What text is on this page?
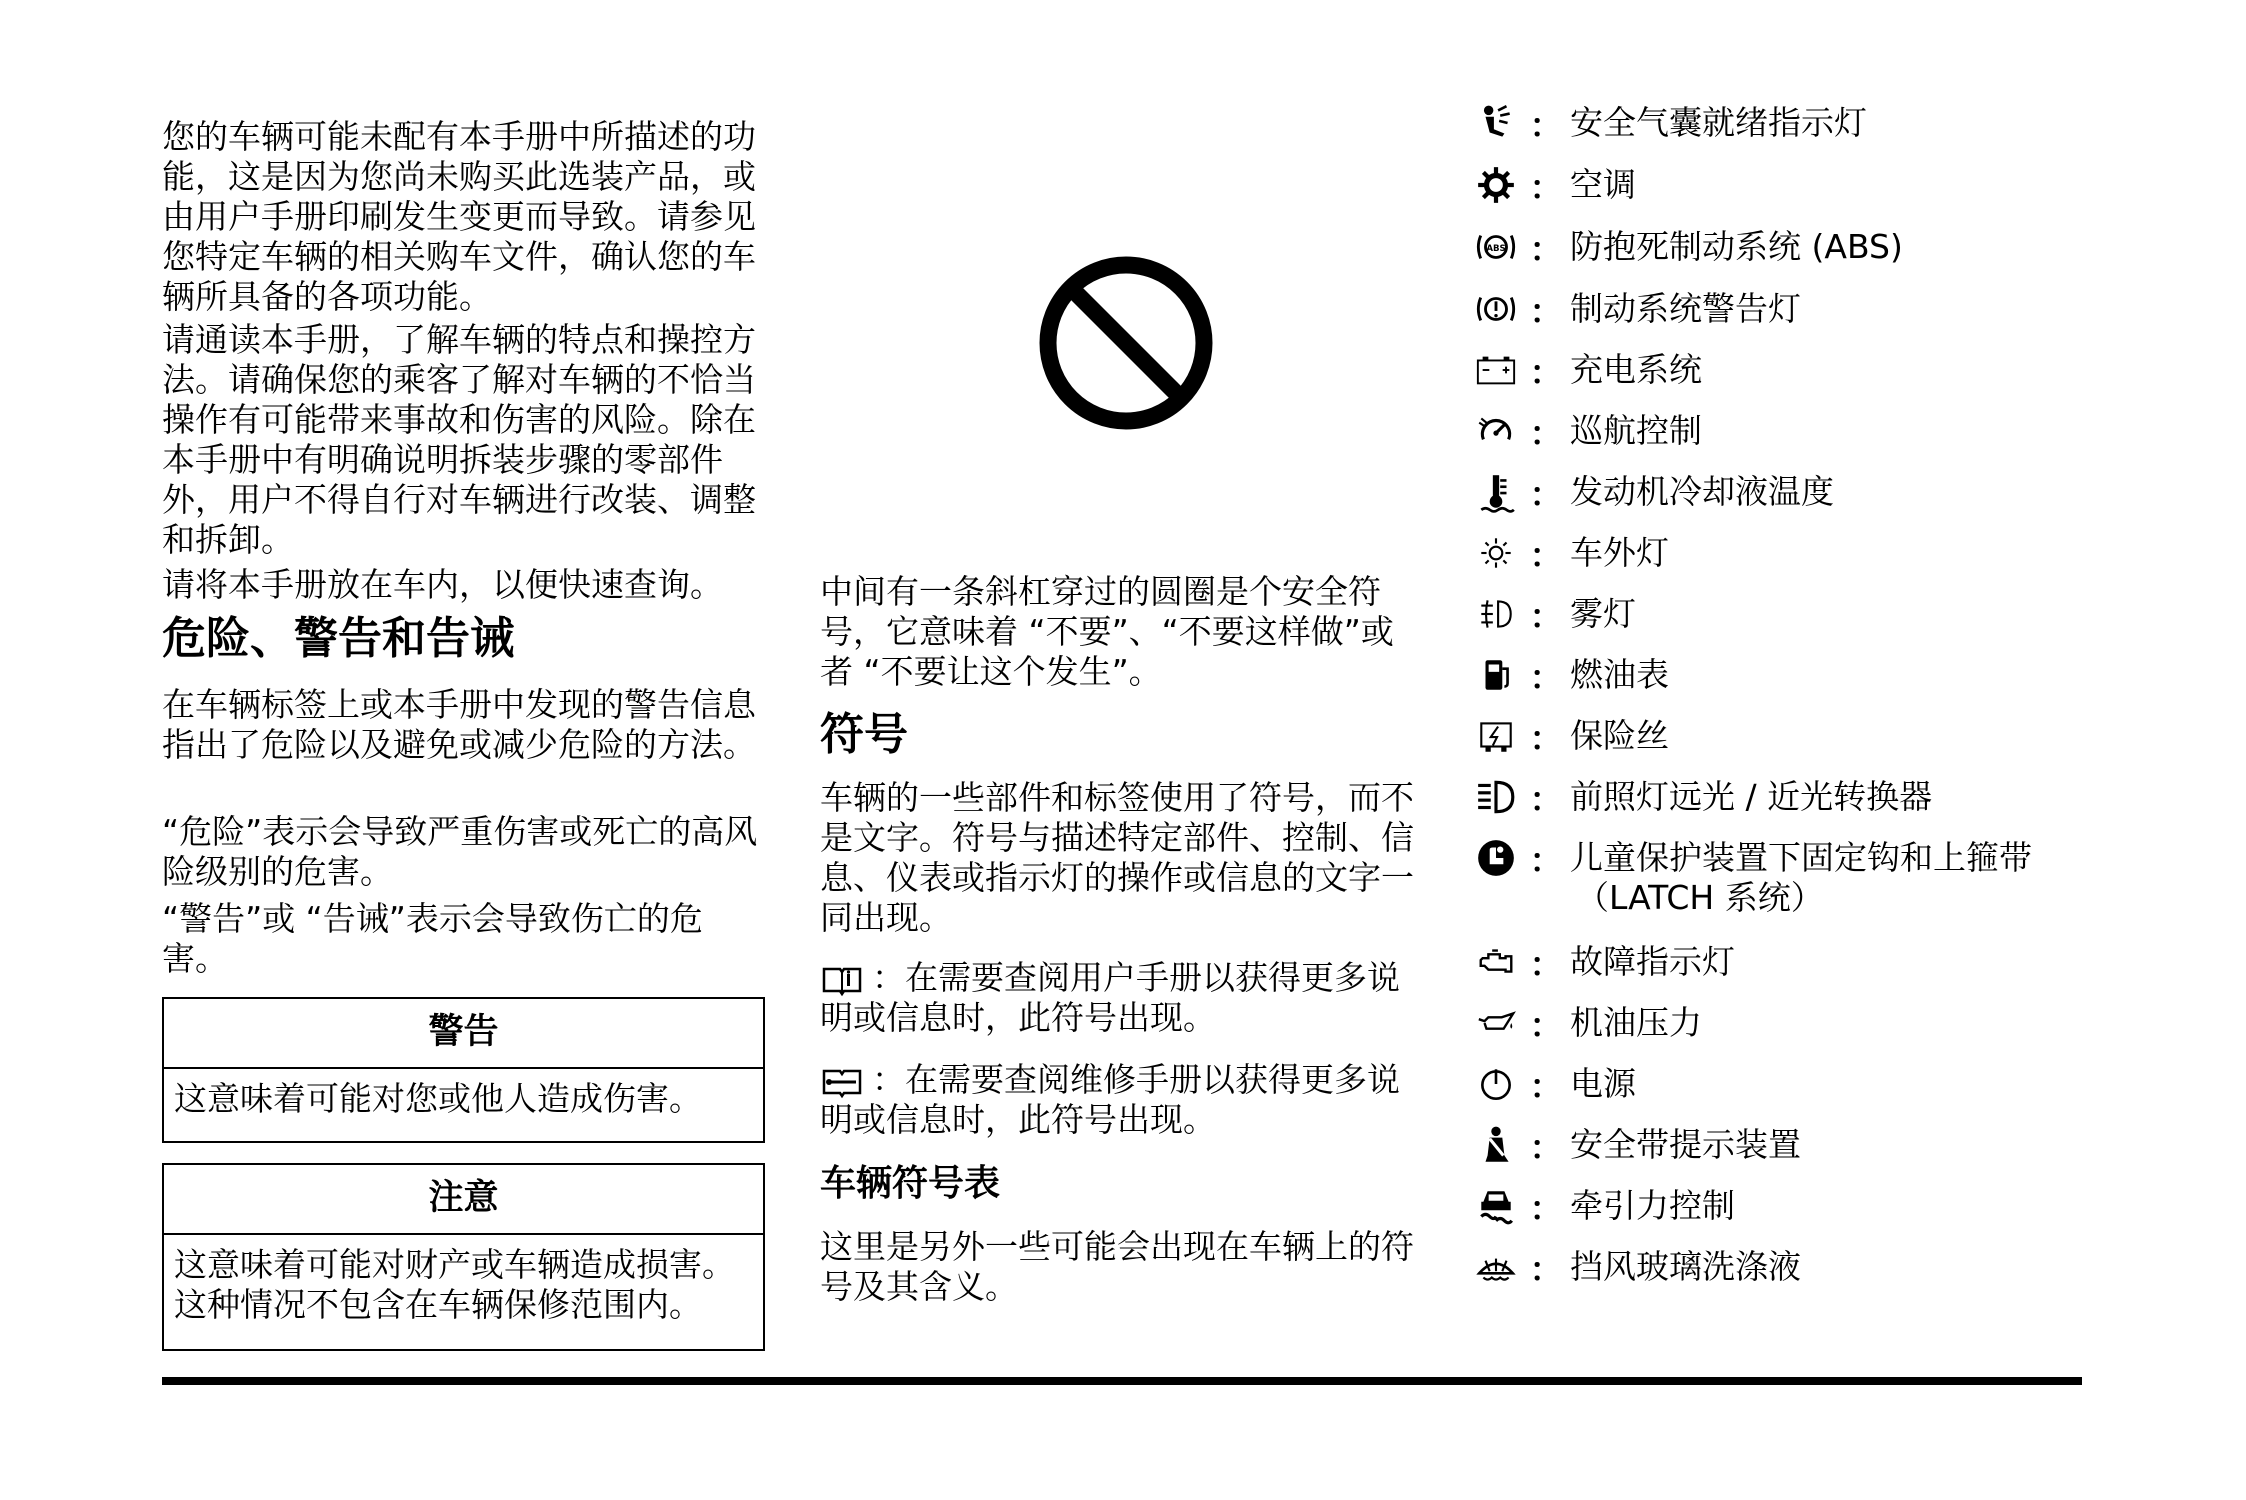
您的车辆可能未配有本手册中所描述的功能，这是因为您尚未购买此选装产品，或由用户手册印刷发生变更而导致。请参见您特定车辆的相关购车文件，确认您的车辆所具备的各项功能。

请通读本手册，了解车辆的特点和操控方法。请确保您的乘客了解对车辆的不恰当操作有可能带来事故和伤害的风险。除在本手册中有明确说明拆装步骤的零部件外，用户不得自行对车辆进行改装、调整和拆卸。

请将本手册放在车内，以便快速查询。

危险、警告和告诫

在车辆标签上或本手册中发现的警告信息指出了危险以及避免或减少危险的方法。

“危险”表示会导致严重伤害或死亡的高风险级别的危害。

“警告”或 “告诫”表示会导致伤亡的危害。

警告
这意味着可能对您或他人造成伤害。
注意
这意味着可能对财产或车辆造成损害。这种情况不包含在车辆保修范围内。

中间有一条斜杠穿过的圆圈是个安全符号，它意味着 “不要”、“不要这样做”或者 “不要让这个发生”。

符号

车辆的一些部件和标签使用了符号，而不是文字。符号与描述特定部件、控制、信息、仪表或指示灯的操作或信息的文字一同出现。

：在需要查阅用户手册以获得更多说明或信息时，此符号出现。

：在需要查阅维修手册以获得更多说明或信息时，此符号出现。

车辆符号表

这里是另外一些可能会出现在车辆上的符号及其含义。

： 安全气囊就绪指示灯
： 空调
ABS ： 防抱死制动系统 (ABS)
： 制动系统警告灯
： 充电系统
： 巡航控制
： 发动机冷却液温度
： 车外灯
： 雾灯
： 燃油表
： 保险丝
： 前照灯远光 / 近光转换器
： 儿童保护装置下固定钩和上箍带
（LATCH 系统）
： 故障指示灯
： 机油压力
： 电源
： 安全带提示装置
： 牵引力控制
： 挡风玻璃洗涤液
